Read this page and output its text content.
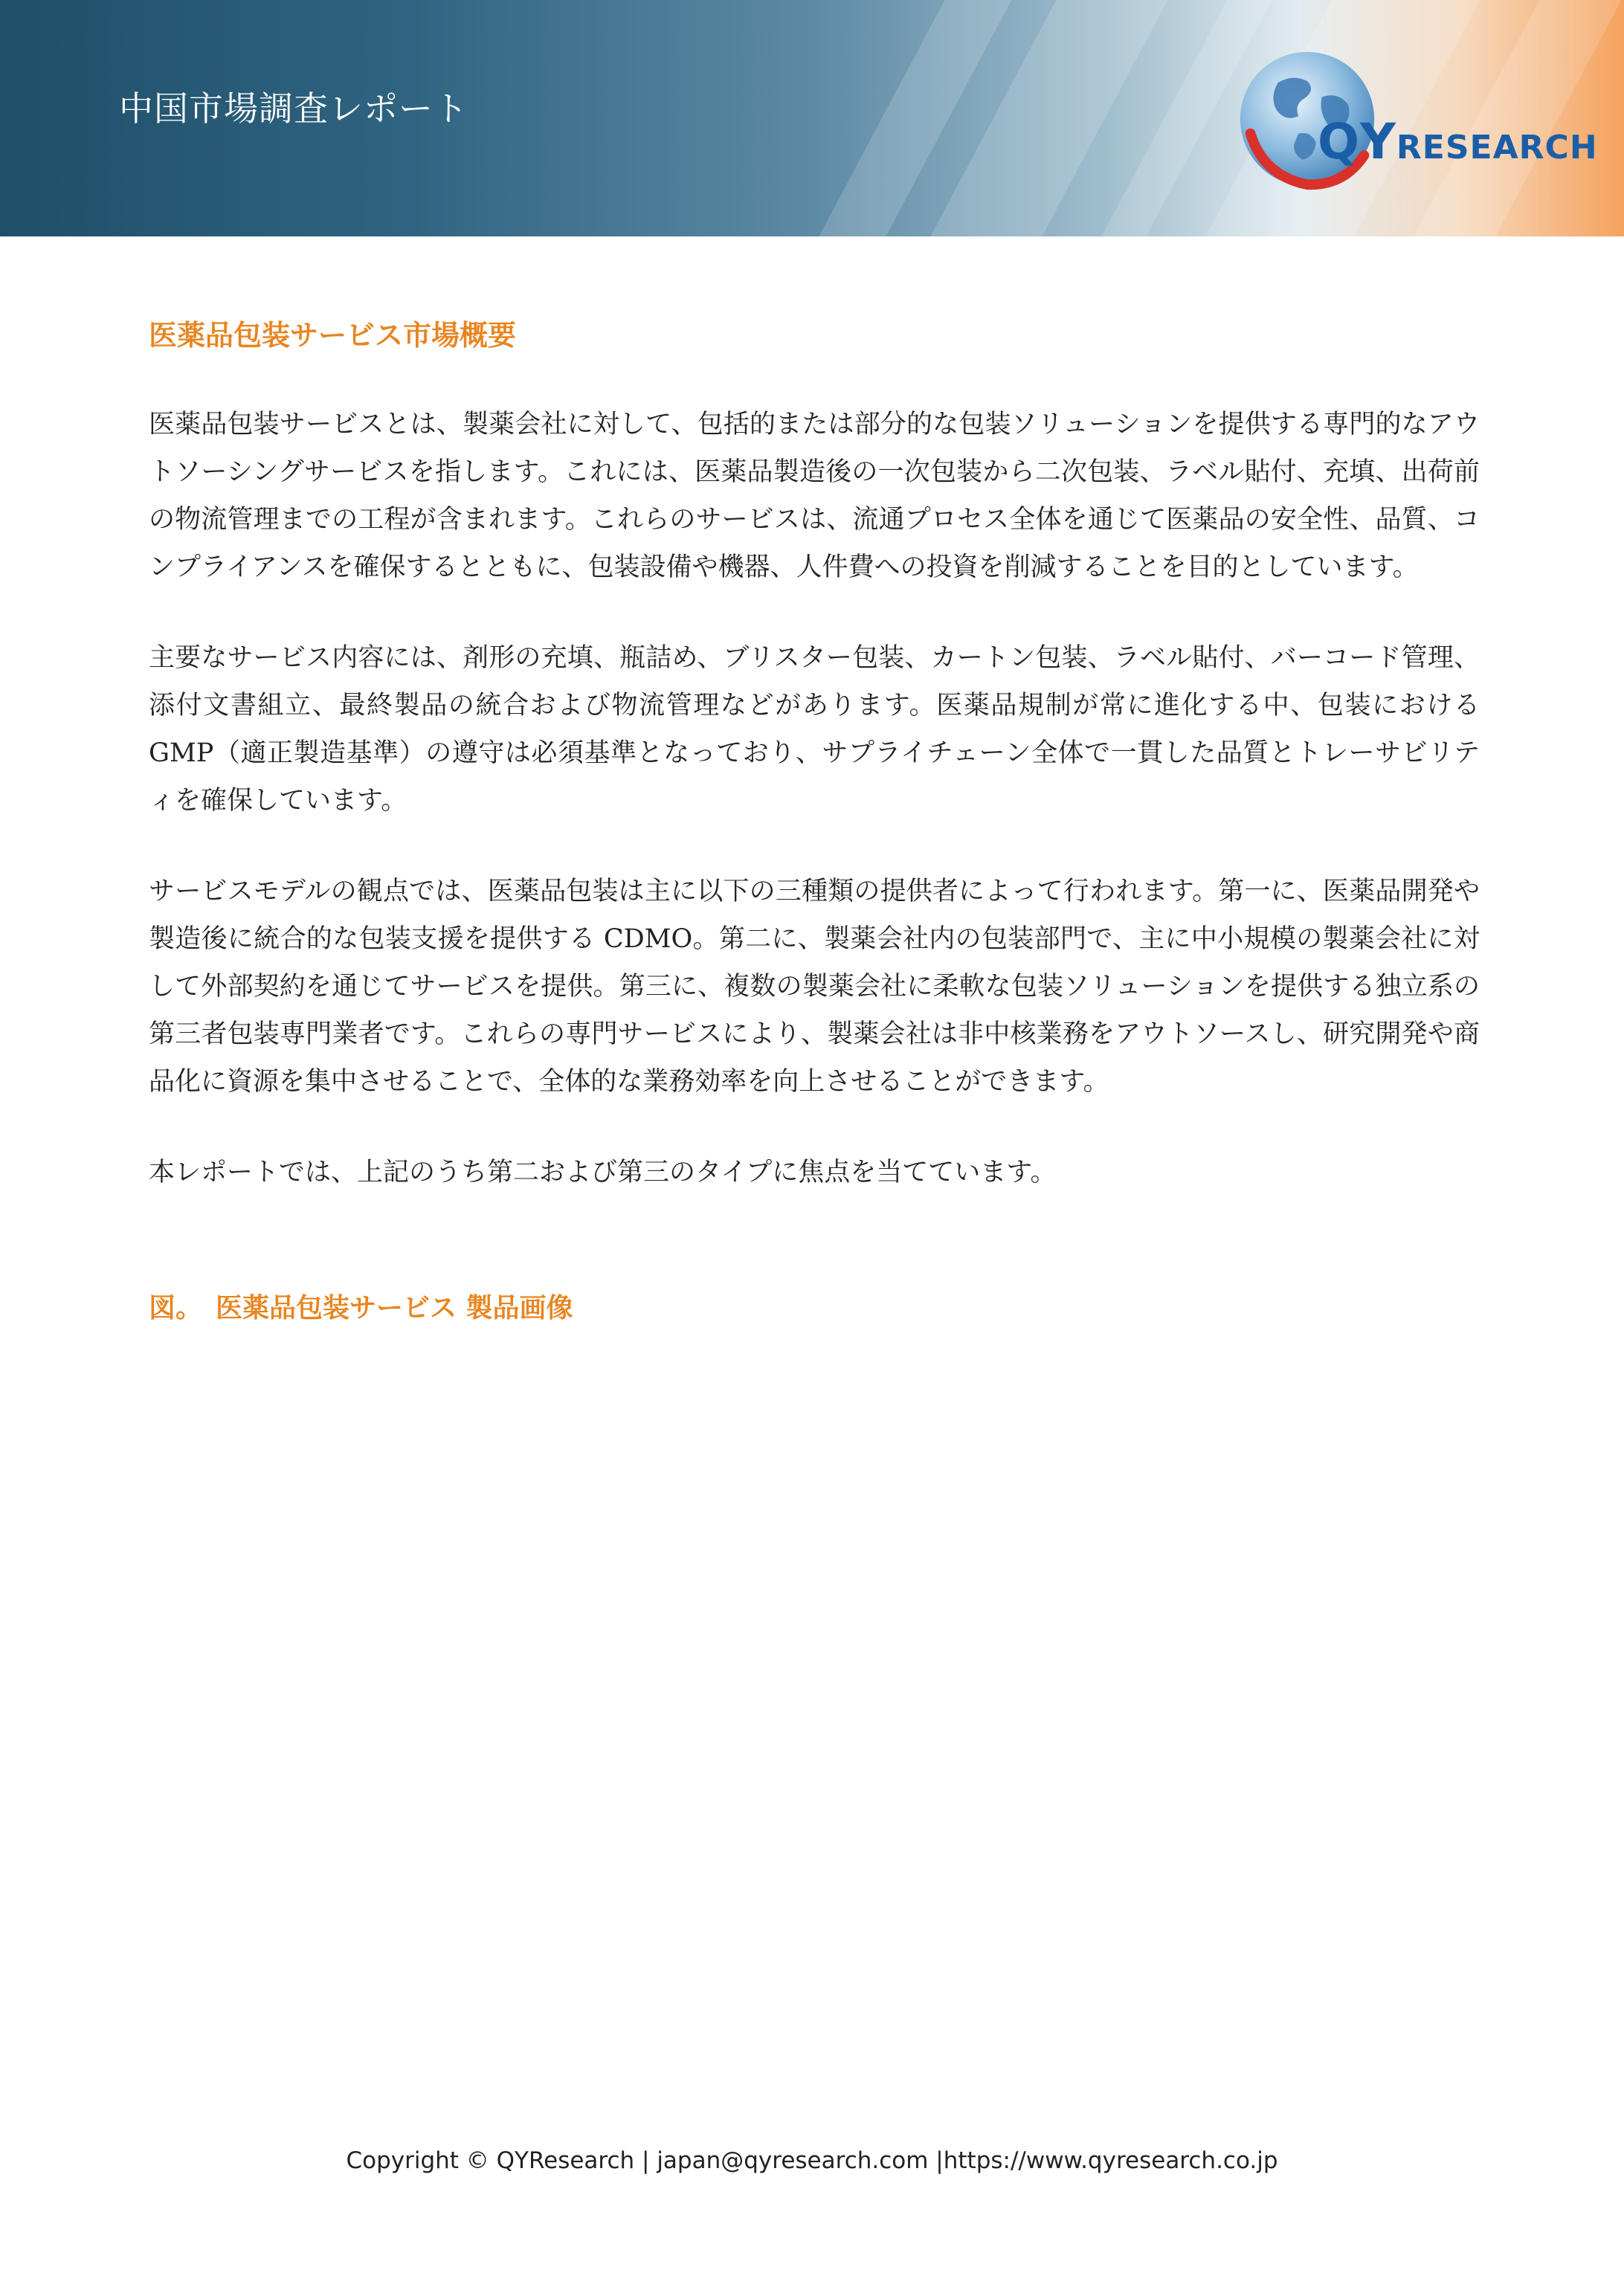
中国市場調査レポート
QYRESEARCH
医薬品包装サービス市場概要

医薬品包装サービスとは、製薬会社に対して、包括的または部分的な包装ソリューションを提供する専門的なアウトソーシングサービスを指します。これには、医薬品製造後の一次包装から二次包装、ラベル貼付、充填、出荷前の物流管理までの工程が含まれます。これらのサービスは、流通プロセス全体を通じて医薬品の安全性、品質、コンプライアンスを確保するとともに、包装設備や機器、人件費への投資を削減することを目的としています。

主要なサービス内容には、剤形の充填、瓶詰め、ブリスター包装、カートン包装、ラベル貼付、バーコード管理、添付文書組立、最終製品の統合および物流管理などがあります。医薬品規制が常に進化する中、包装における GMP（適正製造基準）の遵守は必須基準となっており、サプライチェーン全体で一貫した品質とトレーサビリティを確保しています。

サービスモデルの観点では、医薬品包装は主に以下の三種類の提供者によって行われます。第一に、医薬品開発や製造後に統合的な包装支援を提供する CDMO。第二に、製薬会社内の包装部門で、主に中小規模の製薬会社に対して外部契約を通じてサービスを提供。第三に、複数の製薬会社に柔軟な包装ソリューションを提供する独立系の第三者包装専門業者です。これらの専門サービスにより、製薬会社は非中核業務をアウトソースし、研究開発や商品化に資源を集中させることで、全体的な業務効率を向上させることができます。

本レポートでは、上記のうち第二および第三のタイプに焦点を当てています。

図。　医薬品包装サービス 製品画像
Copyright © QYResearch | japan@qyresearch.com |https://www.qyresearch.co.jp
